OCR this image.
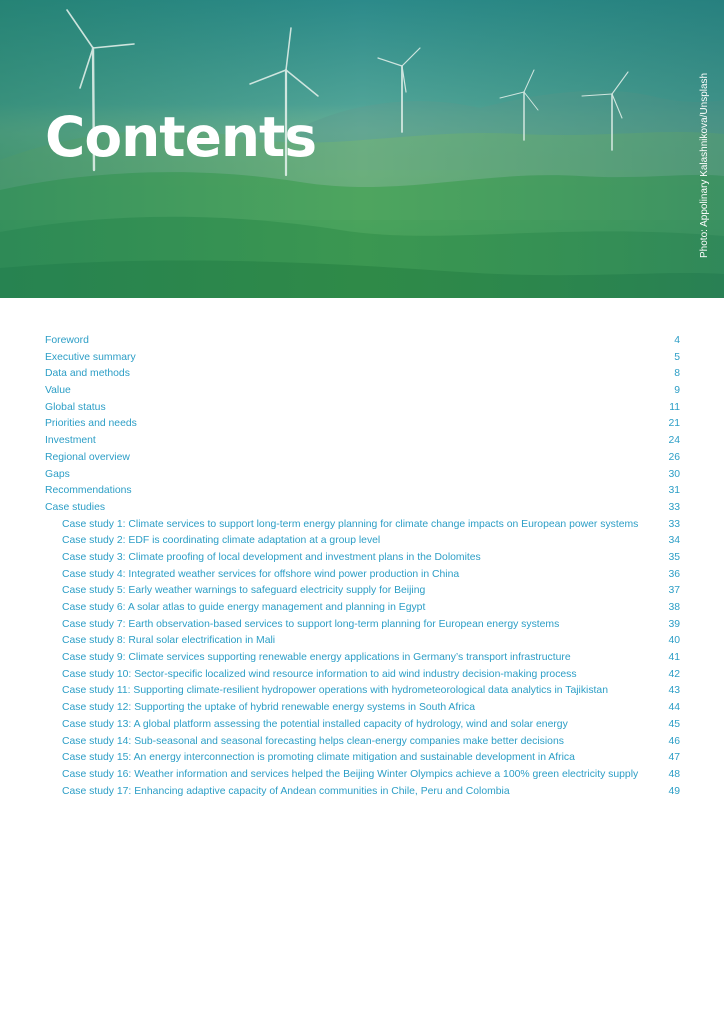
Contents	Photo: Appolinary Kalashnikova/Unsplash
Foreword	4
Executive summary	5
Data and methods	8
Value	9
Global status	11
Priorities and needs	21
Investment	24
Regional overview	26
Gaps	30
Recommendations	31
Case studies	33
Case study 1: Climate services to support long-term energy planning for climate change impacts on European power systems	33
Case study 2: EDF is coordinating climate adaptation at a group level	34
Case study 3: Climate proofing of local development and investment plans in the Dolomites	35
Case study 4: Integrated weather services for offshore wind power production in China	36
Case study 5: Early weather warnings to safeguard electricity supply for Beijing	37
Case study 6: A solar atlas to guide energy management and planning in Egypt	38
Case study 7: Earth observation-based services to support long-term planning for European energy systems	39
Case study 8: Rural solar electrification in Mali	40
Case study 9: Climate services supporting renewable energy applications in Germany’s transport infrastructure	41
Case study 10: Sector-specific localized wind resource information to aid wind industry decision-making process	42
Case study 11: Supporting climate-resilient hydropower operations with hydrometeorological data analytics in Tajikistan	43
Case study 12: Supporting the uptake of hybrid renewable energy systems in South Africa	44
Case study 13: A global platform assessing the potential installed capacity of hydrology, wind and solar energy	45
Case study 14: Sub-seasonal and seasonal forecasting helps clean-energy companies make better decisions	46
Case study 15: An energy interconnection is promoting climate mitigation and sustainable development in Africa	47
Case study 16: Weather information and services helped the Beijing Winter Olympics achieve a 100% green electricity supply	48
Case study 17: Enhancing adaptive capacity of Andean communities in Chile, Peru and Colombia	49
